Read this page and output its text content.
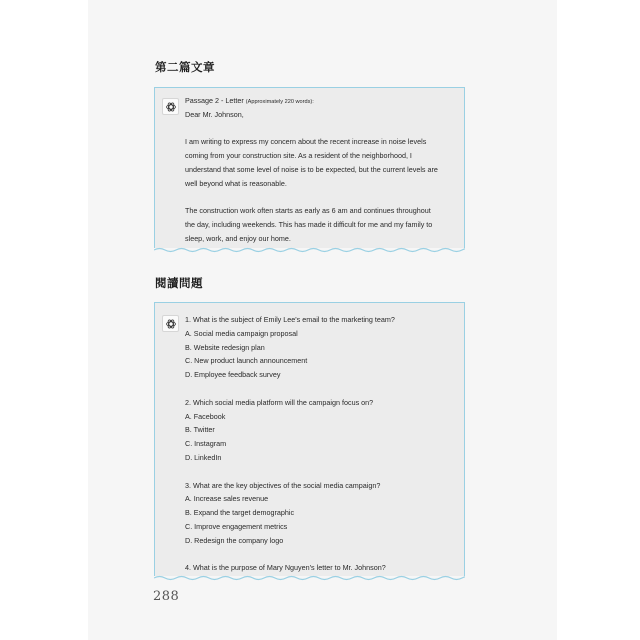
第二篇文章
Passage 2 - Letter (Approximately 220 words):
Dear Mr. Johnson,
I am writing to express my concern about the recent increase in noise levels
coming from your construction site. As a resident of the neighborhood, I
understand that some level of noise is to be expected, but the current levels are
well beyond what is reasonable.
The construction work often starts as early as 6 am and continues throughout
the day, including weekends. This has made it difficult for me and my family to
sleep, work, and enjoy our home.
閱讀問題
1. What is the subject of Emily Lee's email to the marketing team?
A. Social media campaign proposal
B. Website redesign plan
C. New product launch announcement
D. Employee feedback survey
2. Which social media platform will the campaign focus on?
A. Facebook
B. Twitter
C. Instagram
D. LinkedIn
3. What are the key objectives of the social media campaign?
A. Increase sales revenue
B. Expand the target demographic
C. Improve engagement metrics
D. Redesign the company logo
4. What is the purpose of Mary Nguyen's letter to Mr. Johnson?
288
